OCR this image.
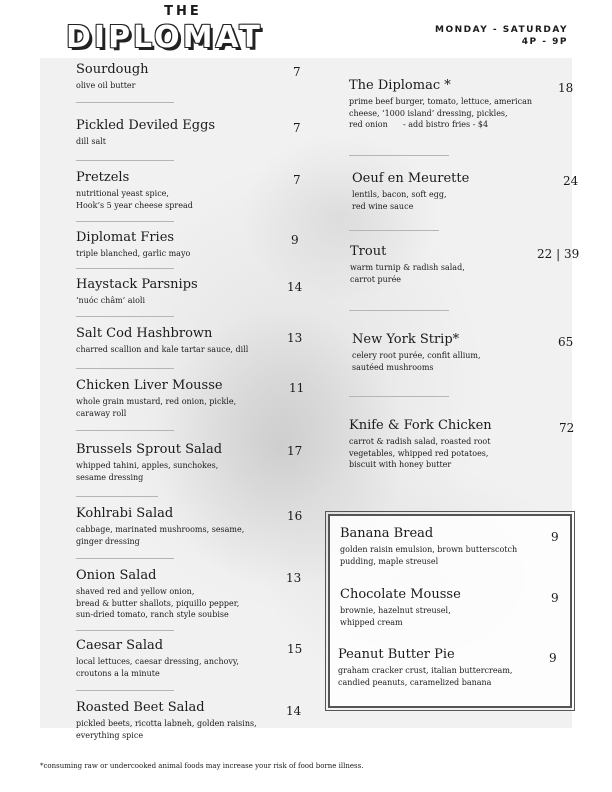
THE
DIPLOMAT	MONDAY - SATURDAY
4P - 9P
Sourdough
olive oil butter
7
Pickled Deviled Eggs
dill salt
7
Pretzels
nutritional yeast spice,
Hook’s 5 year cheese spread
7
Diplomat Fries
triple blanched, garlic mayo
9
Haystack Parsnips
‘nuóc châm’ aioli
14
Salt Cod Hashbrown
charred scallion and kale tartar sauce, dill
13
Chicken Liver Mousse
whole grain mustard, red onion, pickle,
caraway roll
11
Brussels Sprout Salad
whipped tahini, apples, sunchokes,
sesame dressing
17
Kohlrabi Salad
cabbage, marinated mushrooms, sesame,
ginger dressing
16
Onion Salad
shaved red and yellow onion,
bread & butter shallots, piquillo pepper,
sun-dried tomato, ranch style soubise
13
Caesar Salad
local lettuces, caesar dressing, anchovy,
croutons a la minute
15
Roasted Beet Salad
pickled beets, ricotta labneh, golden raisins,
everything spice
14
The Diplomac *
prime beef burger, tomato, lettuce, american
cheese, ‘1000 island’ dressing, pickles,
red onion      - add bistro fries - $4
18
Oeuf en Meurette
lentils, bacon, soft egg,
red wine sauce
24
Trout
warm turnip & radish salad,
carrot purée
22 | 39
New York Strip*
celery root purée, confit allium,
sautéed mushrooms
65
Knife & Fork Chicken
carrot & radish salad, roasted root
vegetables, whipped red potatoes,
biscuit with honey butter
72
Banana Bread
golden raisin emulsion, brown butterscotch
pudding, maple streusel
9
Chocolate Mousse
brownie, hazelnut streusel,
whipped cream
9
Peanut Butter Pie
graham cracker crust, italian buttercream,
candied peanuts, caramelized banana
9
*consuming raw or undercooked animal foods may increase your risk of food borne illness.
